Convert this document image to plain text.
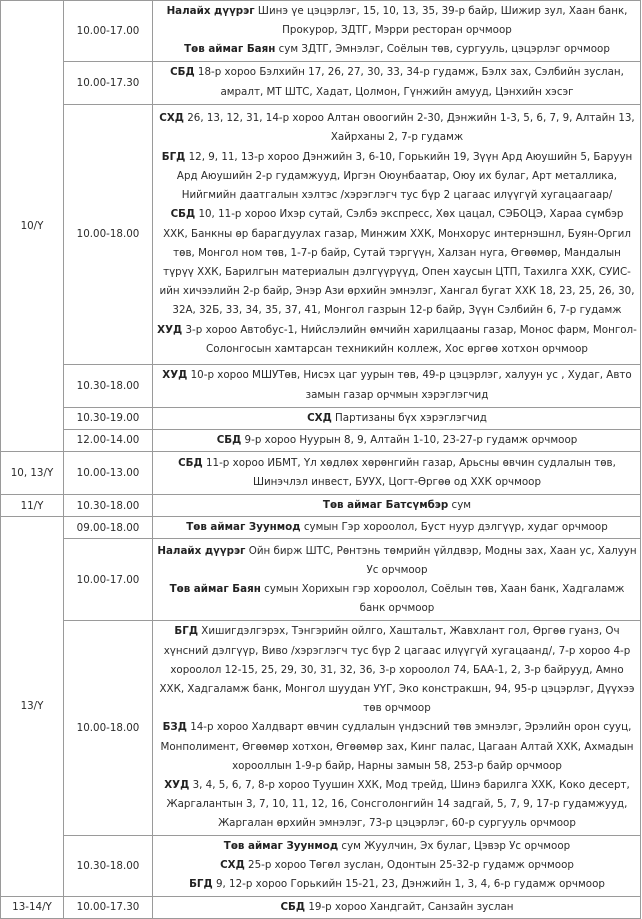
10/Y	10.00-17.00	Налайх дүүрэг Шинэ үе цэцэрлэг, 15, 10, 13, 35, 39-р байр, Шижир зул, Хаан банк, Прокурор, ЗДТГ, Мэрри ресторан орчмоор
Төв аймаг Баян сум ЗДТГ, Эмнэлэг, Соёлын төв, сургууль, цэцэрлэг орчмоор

	10.00-17.30	СБД 18-р хороо Бэлхийн 17, 26, 27, 30, 33, 34-р гудамж, Бэлх зах, Сэлбийн зуслан, амралт, МТ ШТС, Хадат, Цолмон, Гүнжийн амууд, Цэнхийн хэсэг

	10.00-18.00	СХД 26, 13, 12, 31, 14-р хороо Алтан овоогийн 2-30, Дэнжийн 1-3, 5, 6, 7, 9, Алтайн 13, Хайрханы 2, 7-р гудамж
БГД 12, 9, 11, 13-р хороо Дэнжийн 3, 6-10, Горькийн 19, Зүүн Ард Аюушийн 5, Баруун Ард Аюушийн 2-р гудамжууд, Иргэн Оюунбаатар, Оюу их булаг, Арт металлика, Нийгмийн даатгалын хэлтэс /хэрэглэгч тус бүр 2 цагаас илүүгүй хугацаагаар/
СБД 10, 11-р хороо Ихэр сутай, Сэлбэ экспресс, Хөх цацал, СЭБОЦЭ, Хараа сүмбэр ХХК, Банкны өр барагдуулах газар, Минжим ХХК, Монхорус интернэшнл, Буян-Оргил төв, Монгол ном төв, 1-7-р байр, Сутай тэргүүн, Халзан нуга, Өгөөмөр, Мандалын түрүү ХХК, Барилгын материалын дэлгүүрүүд, Опен хаусын ЦТП, Тахилга ХХК, СУИС-ийн хичээлийн 2-р байр, Энэр Ази өрхийн эмнэлэг, Хангал бугат ХХК 18, 23, 25, 26, 30, 32А, 32Б, 33, 34, 35, 37, 41, Монгол газрын 12-р байр, Зүүн Сэлбийн 6, 7-р гудамж
ХУД 3-р хороо Автобус-1, Нийслэлийн өмчийн харилцааны газар, Монос фарм, Монгол-Солонгосын хамтарсан техникийн коллеж, Хос өргөө хотхон орчмоор

	10.30-18.00	ХУД 10-р хороо МШУТөв, Нисэх цаг уурын төв, 49-р цэцэрлэг, халуун ус , Худаг, Авто замын газар орчмын хэрэглэгчид

	10.30-19.00	СХД Партизаны бүх хэрэглэгчид

	12.00-14.00	СБД 9-р хороо Нуурын 8, 9, Алтайн 1-10, 23-27-р гудамж орчмоор

10, 13/Y	10.00-13.00	СБД 11-р хороо ИБМТ, Үл хөдлөх хөрөнгийн газар, Арьсны өвчин судлалын төв, Шинэчлэл инвест, БУУХ, Цогт-Өргөө од ХХК орчмоор

11/Y	10.30-18.00	Төв аймаг Батсүмбэр сум

13/Y	09.00-18.00	Төв аймаг Зуунмод сумын Гэр хороолол, Буст нуур дэлгүүр, худаг орчмоор

	10.00-17.00	Налайх дүүрэг Ойн бирж ШТС, Рөнтэнь төмрийн үйлдвэр, Модны зах, Хаан ус, Халуун Ус орчмоор
Төв аймаг Баян сумын Хорихын гэр хороолол, Соёлын төв, Хаан банк, Хадгаламж банк орчмоор

	10.00-18.00	БГД Хишигдэлгэрэх, Тэнгэрийн ойлго, Хаштальт, Жавхлант гол, Өргөө гуанз, Оч хүнсний дэлгүүр, Виво /хэрэглэгч тус бүр 2 цагаас илүүгүй хугацаанд/, 7-р хороо 4-р хороолол 12-15, 25, 29, 30, 31, 32, 36, 3-р хороолол 74, БАА-1, 2, 3-р байрууд, Амно ХХК, Хадгаламж банк, Монгол шуудан УҮГ, Эко констракшн, 94, 95-р цэцэрлэг, Дүүхээ төв орчмоор
БЗД 14-р хороо Халдварт өвчин судлалын үндэсний төв эмнэлэг, Эрэлийн орон сууц, Монполимент, Өгөөмөр хотхон, Өгөөмөр зах, Кинг палас, Цагаан Алтай ХХК, Ахмадын хорооллын 1-9-р байр, Нарны замын 58, 253-р байр орчмоор
ХУД 3, 4, 5, 6, 7, 8-р хороо Туушин ХХК, Мод трейд, Шинэ барилга ХХК, Коко десерт, Жаргалантын 3, 7, 10, 11, 12, 16, Сонсголонгийн 14 задгай, 5, 7, 9, 17-р гудамжууд, Жаргалан өрхийн эмнэлэг, 73-р цэцэрлэг, 60-р сургууль орчмоор

	10.30-18.00	Төв аймаг Зуунмод сум Жуулчин, Эх булаг, Цэвэр Ус орчмоор
СХД 25-р хороо Төгөл зуслан, Одонтын 25-32-р гудамж орчмоор
БГД 9, 12-р хороо Горькийн 15-21, 23, Дэнжийн 1, 3, 4, 6-р гудамж орчмоор

13-14/Y	10.00-17.30	СБД 19-р хороо Хандгайт, Санзайн зуслан
